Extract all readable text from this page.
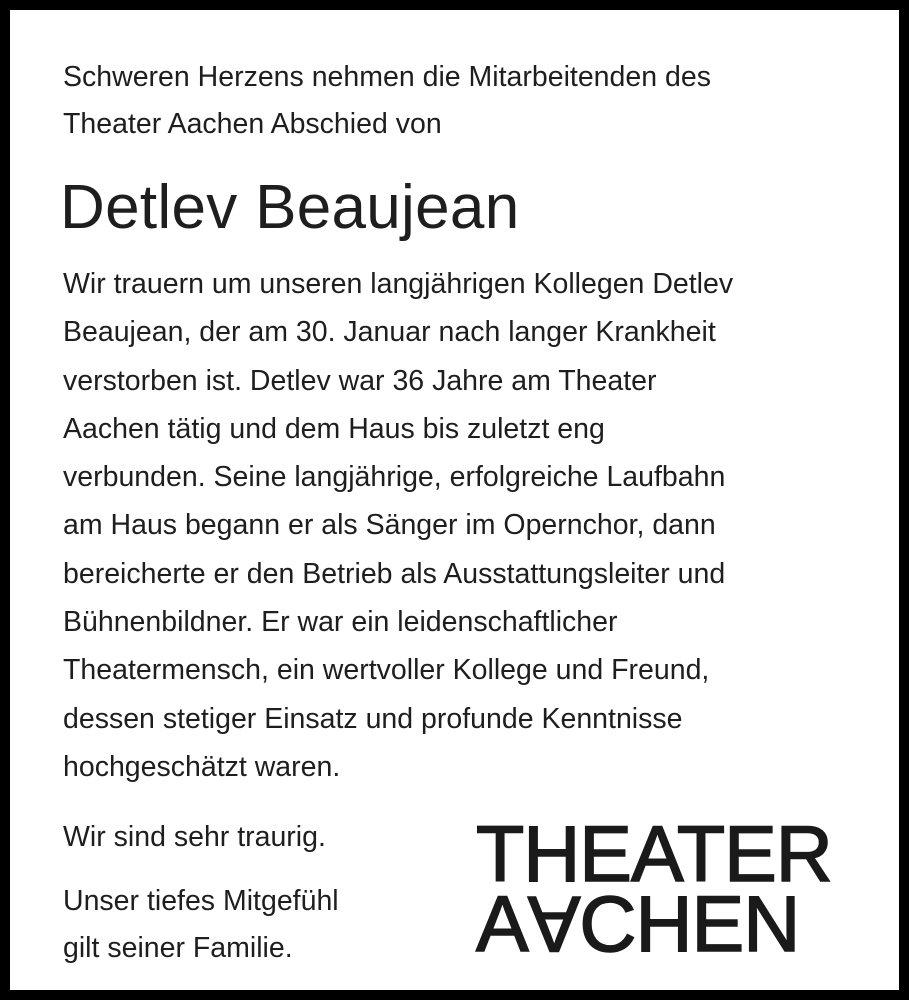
Schweren Herzens nehmen die Mitarbeitenden des
Theater Aachen Abschied von

Detlev Beaujean

Wir trauern um unseren langjährigen Kollegen Detlev
Beaujean, der am 30. Januar nach langer Krankheit
verstorben ist. Detlev war 36 Jahre am Theater
Aachen tätig und dem Haus bis zuletzt eng
verbunden. Seine langjährige, erfolgreiche Laufbahn
am Haus begann er als Sänger im Opernchor, dann
bereicherte er den Betrieb als Ausstattungsleiter und
Bühnenbildner. Er war ein leidenschaftlicher
Theatermensch, ein wertvoller Kollege und Freund,
dessen stetiger Einsatz und profunde Kenntnisse
hochgeschätzt waren.

Wir sind sehr traurig.

Unser tiefes Mitgefühl
gilt seiner Familie.

THEATER
AACHEN
